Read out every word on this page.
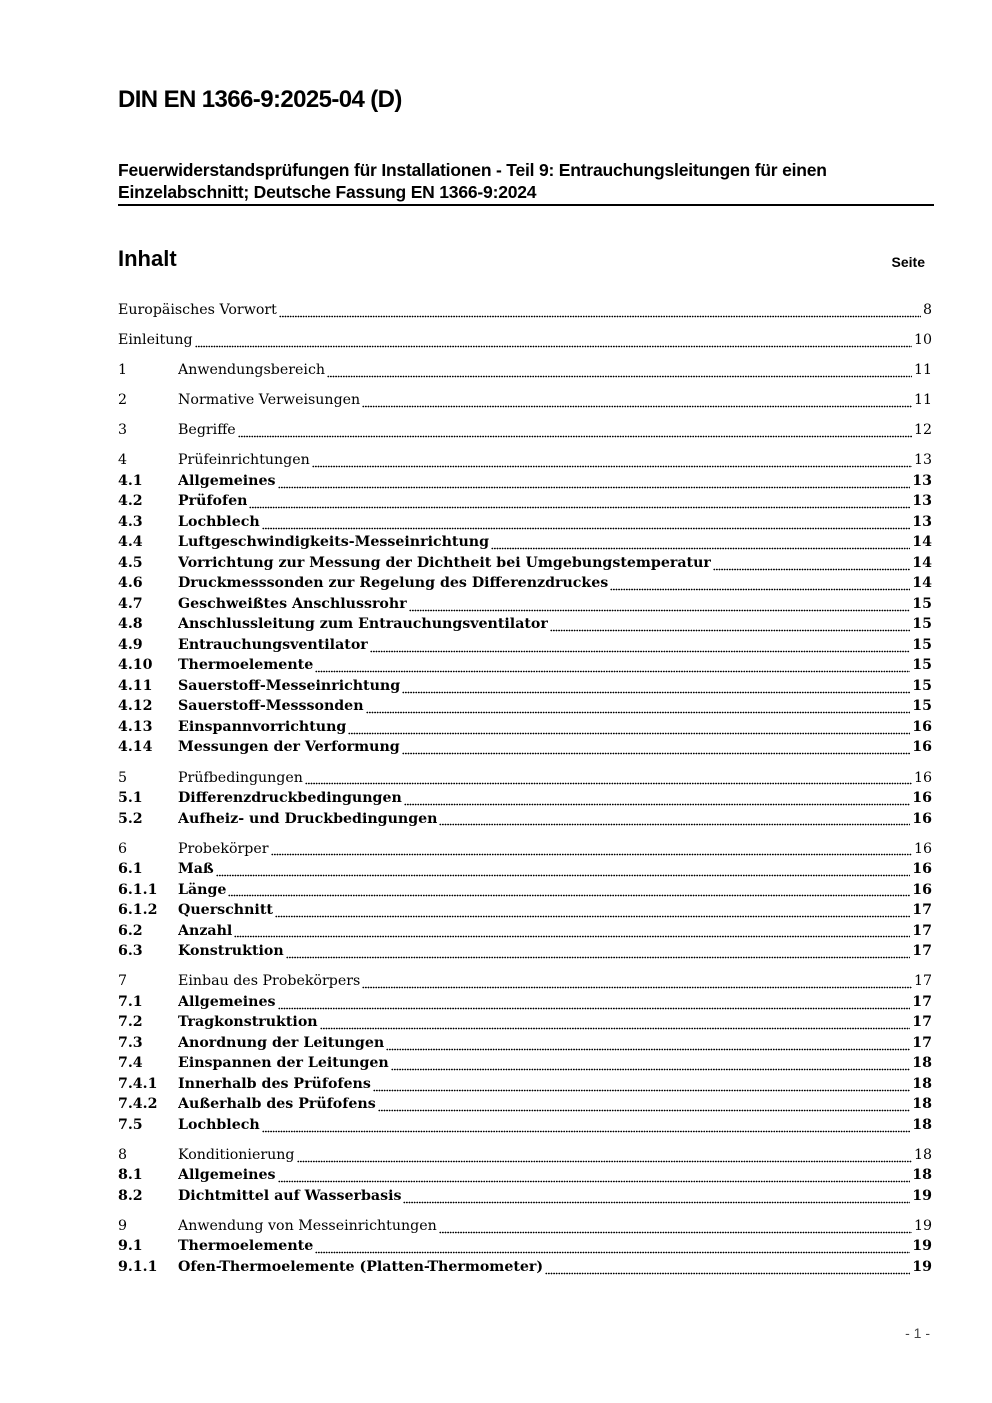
DIN EN 1366-9:2025-04 (D)
Feuerwiderstandsprüfungen für Installationen - Teil 9: Entrauchungsleitungen für einen Einzelabschnitt; Deutsche Fassung EN 1366-9:2024
Inhalt	Seite
Europäisches Vorwort	8
Einleitung	10
1	Anwendungsbereich	11
2	Normative Verweisungen	11
3	Begriffe	12
4	Prüfeinrichtungen	13
4.1	Allgemeines	13
4.2	Prüfofen	13
4.3	Lochblech	13
4.4	Luftgeschwindigkeits-Messeinrichtung	14
4.5	Vorrichtung zur Messung der Dichtheit bei Umgebungstemperatur	14
4.6	Druckmesssonden zur Regelung des Differenzdruckes	14
4.7	Geschweißtes Anschlussrohr	15
4.8	Anschlussleitung zum Entrauchungsventilator	15
4.9	Entrauchungsventilator	15
4.10	Thermoelemente	15
4.11	Sauerstoff-Messeinrichtung	15
4.12	Sauerstoff-Messsonden	15
4.13	Einspannvorrichtung	16
4.14	Messungen der Verformung	16
5	Prüfbedingungen	16
5.1	Differenzdruckbedingungen	16
5.2	Aufheiz- und Druckbedingungen	16
6	Probekörper	16
6.1	Maß	16
6.1.1	Länge	16
6.1.2	Querschnitt	17
6.2	Anzahl	17
6.3	Konstruktion	17
7	Einbau des Probekörpers	17
7.1	Allgemeines	17
7.2	Tragkonstruktion	17
7.3	Anordnung der Leitungen	17
7.4	Einspannen der Leitungen	18
7.4.1	Innerhalb des Prüfofens	18
7.4.2	Außerhalb des Prüfofens	18
7.5	Lochblech	18
8	Konditionierung	18
8.1	Allgemeines	18
8.2	Dichtmittel auf Wasserbasis	19
9	Anwendung von Messeinrichtungen	19
9.1	Thermoelemente	19
9.1.1	Ofen-Thermoelemente (Platten-Thermometer)	19
- 1 -
